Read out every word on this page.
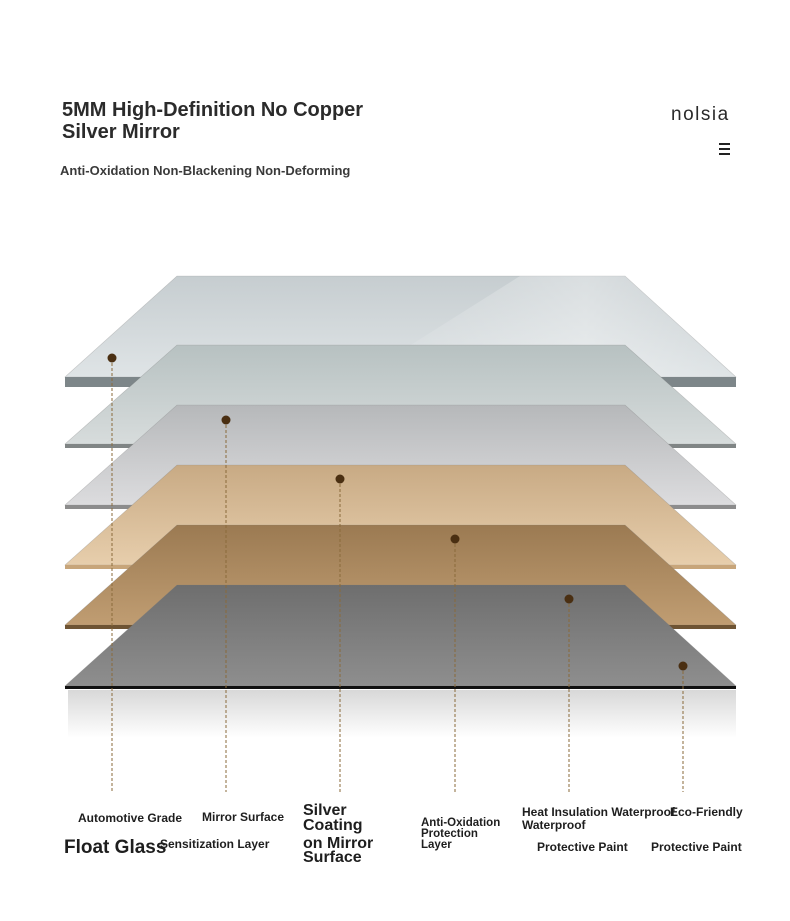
5MM High-Definition No Copper Silver Mirror
Anti-Oxidation Non-Blackening Non-Deforming
nolsia
Automotive Grade
Float Glass
Mirror Surface
Sensitization Layer
Silver
Coating
on Mirror
Surface
Anti-Oxidation
Protection
Layer
Heat Insulation Waterproof
Waterproof
Protective Paint
Eco-Friendly
Protective Paint
